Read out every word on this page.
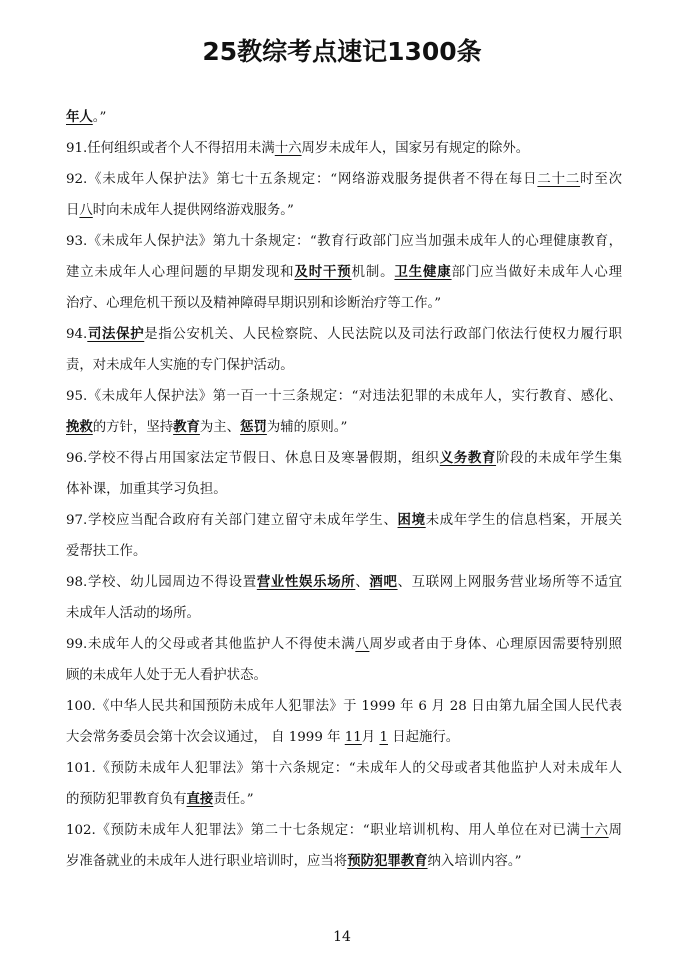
25教综考点速记1300条
年人。”
91.任何组织或者个人不得招用未满十六周岁未成年人，国家另有规定的除外。
92.《未成年人保护法》第七十五条规定：“网络游戏服务提供者不得在每日二十二时至次
日八时向未成年人提供网络游戏服务。”
93.《未成年人保护法》第九十条规定：“教育行政部门应当加强未成年人的心理健康教育，
建立未成年人心理问题的早期发现和及时干预机制。卫生健康部门应当做好未成年人心理
治疗、心理危机干预以及精神障碍早期识别和诊断治疗等工作。”
94.司法保护是指公安机关、人民检察院、人民法院以及司法行政部门依法行使权力履行职
责，对未成年人实施的专门保护活动。
95.《未成年人保护法》第一百一十三条规定：“对违法犯罪的未成年人，实行教育、感化、
挽救的方针，坚持教育为主、惩罚为辅的原则。”
96.学校不得占用国家法定节假日、休息日及寒暑假期，组织义务教育阶段的未成年学生集
体补课，加重其学习负担。
97.学校应当配合政府有关部门建立留守未成年学生、困境未成年学生的信息档案，开展关
爱帮扶工作。
98.学校、幼儿园周边不得设置营业性娱乐场所、酒吧、互联网上网服务营业场所等不适宜
未成年人活动的场所。
99.未成年人的父母或者其他监护人不得使未满八周岁或者由于身体、心理原因需要特别照
顾的未成年人处于无人看护状态。
100.《中华人民共和国预防未成年人犯罪法》于 1999 年 6 月 28 日由第九届全国人民代表
大会常务委员会第十次会议通过， 自 1999 年 11月 1 日起施行。
101.《预防未成年人犯罪法》第十六条规定：“未成年人的父母或者其他监护人对未成年人
的预防犯罪教育负有直接责任。”
102.《预防未成年人犯罪法》第二十七条规定：“职业培训机构、用人单位在对已满十六周
岁准备就业的未成年人进行职业培训时，应当将预防犯罪教育纳入培训内容。”
14
